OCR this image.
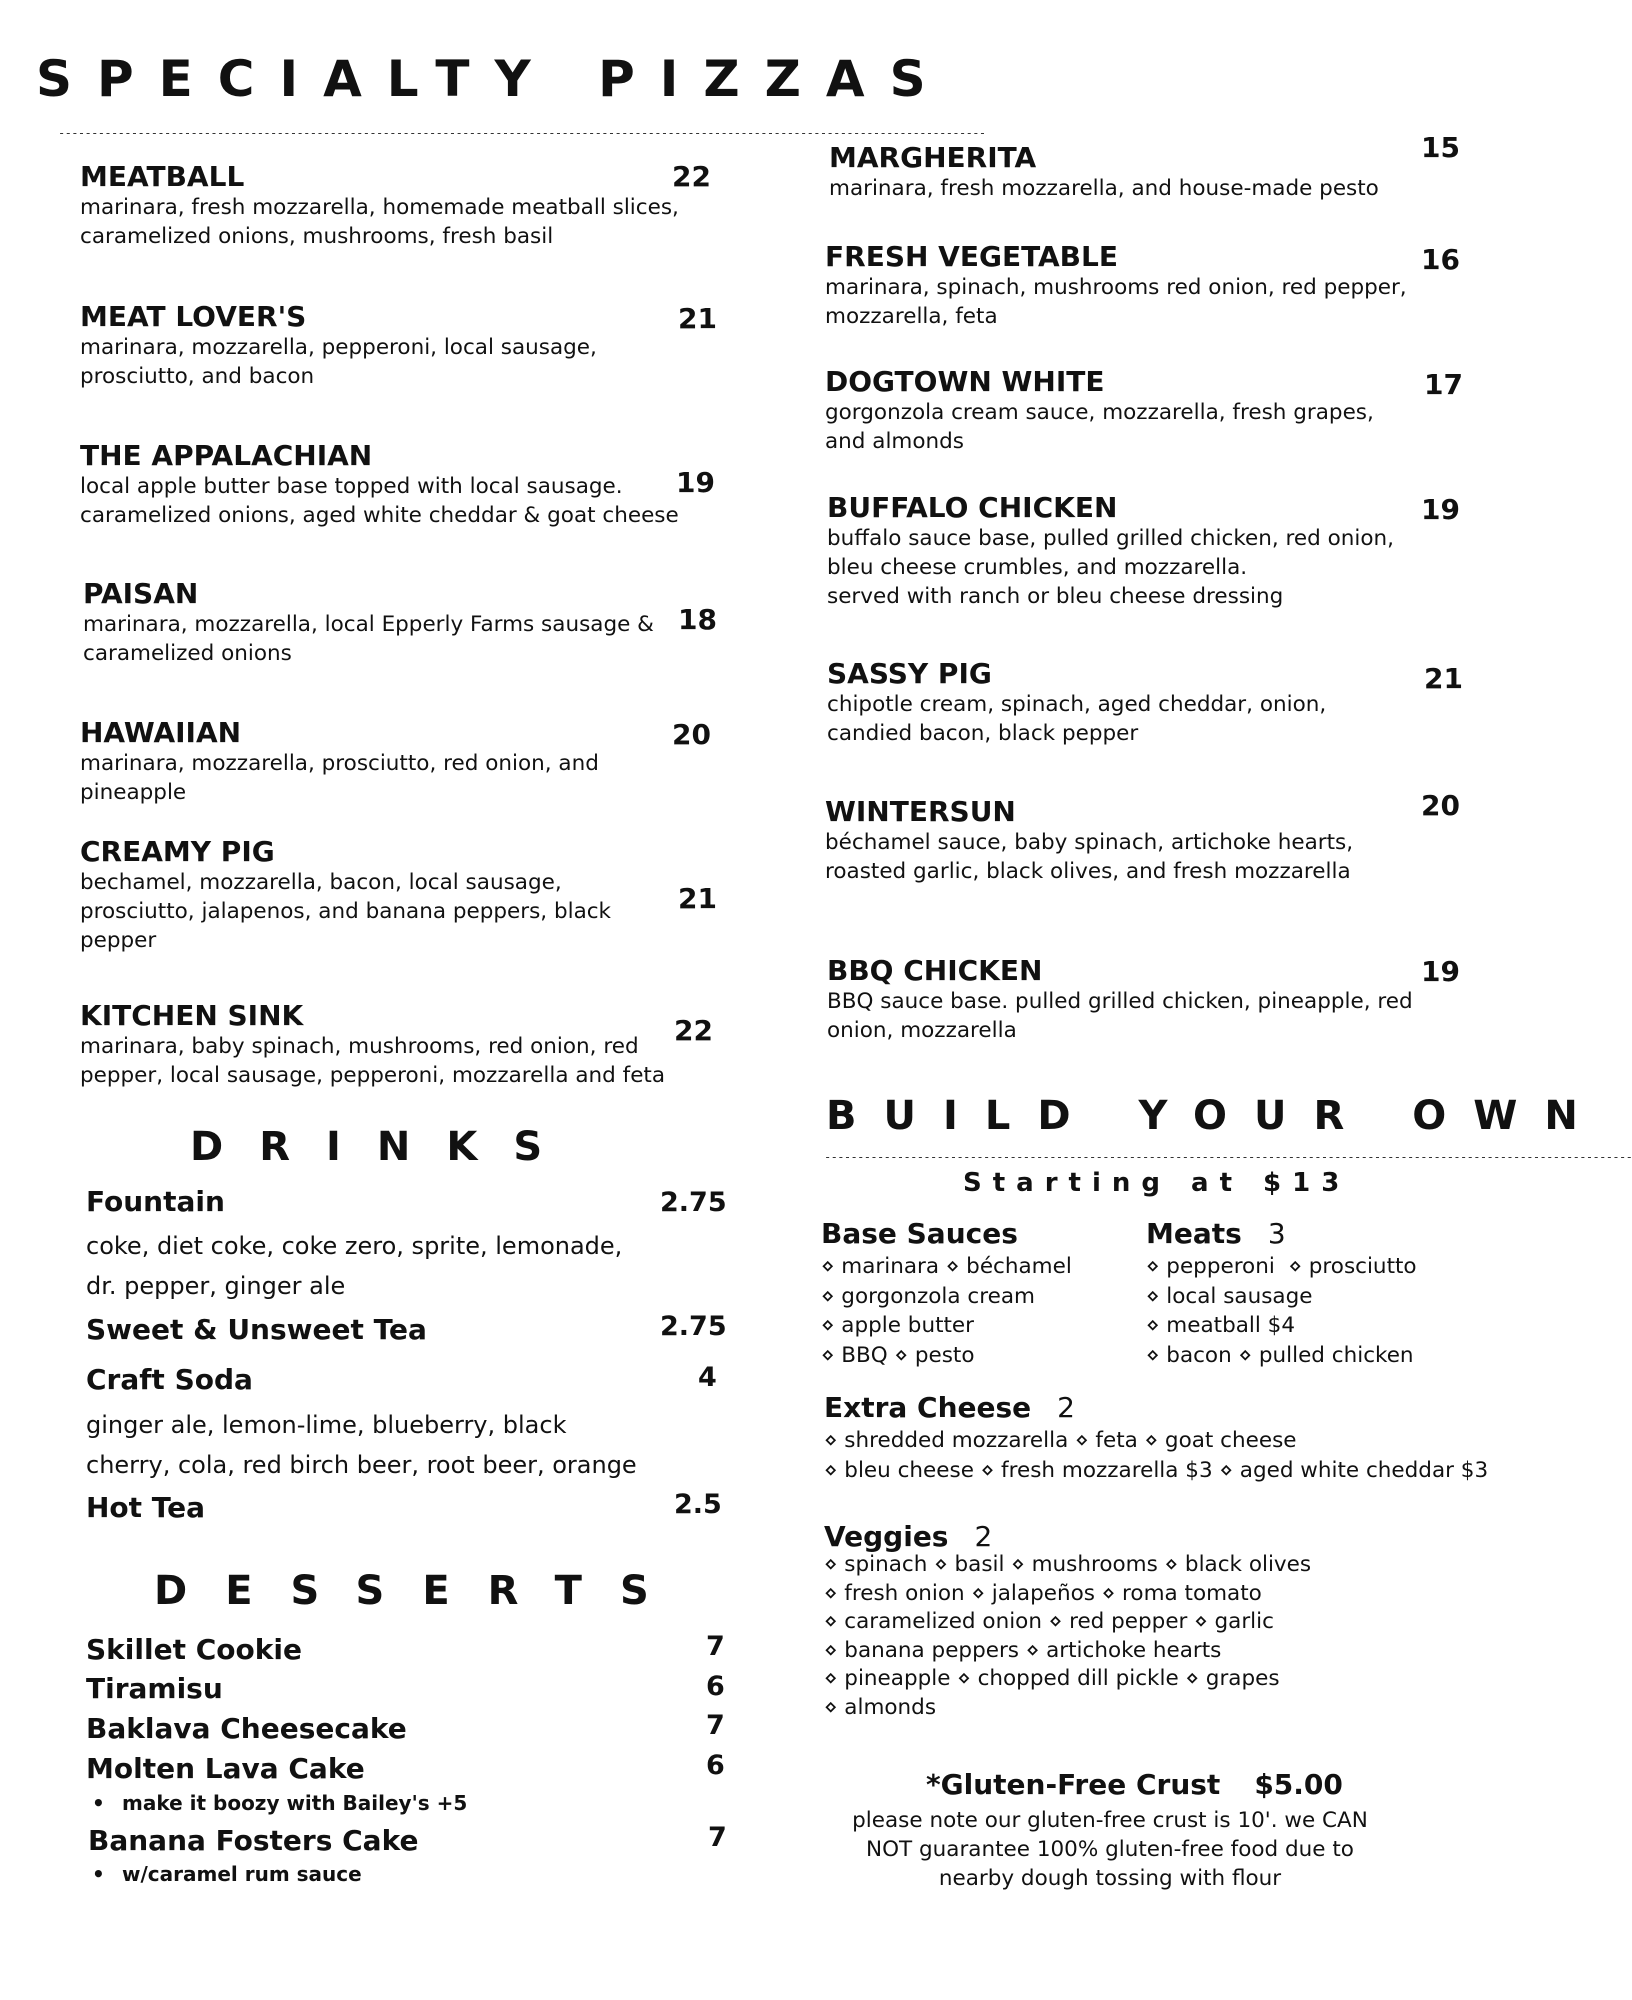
SPECIALTY PIZZAS
--------------------------------------------------------------------------------------------------------------------------------------------
MEATBALL
marinara, fresh mozzarella, homemade meatball slices, caramelized onions, mushrooms, fresh basil
22
MEAT LOVER'S
marinara, mozzarella, pepperoni, local sausage, prosciutto, and bacon
21
THE APPALACHIAN
local apple butter base topped with local sausage. caramelized onions, aged white cheddar & goat cheese
19
PAISAN
marinara, mozzarella, local Epperly Farms sausage & caramelized onions
18
HAWAIIAN
marinara, mozzarella, prosciutto, red onion, and pineapple
20
CREAMY PIG
bechamel, mozzarella, bacon, local sausage, prosciutto, jalapenos, and banana peppers, black pepper
21
KITCHEN SINK
marinara, baby spinach, mushrooms, red onion, red pepper, local sausage, pepperoni, mozzarella and feta
22
MARGHERITA
marinara, fresh mozzarella, and house-made pesto
15
FRESH VEGETABLE
marinara, spinach, mushrooms red onion, red pepper, mozzarella, feta
16
DOGTOWN WHITE
gorgonzola cream sauce, mozzarella, fresh grapes, and almonds
17
BUFFALO CHICKEN
buffalo sauce base, pulled grilled chicken, red onion, bleu cheese crumbles, and mozzarella.
served with ranch or bleu cheese dressing
19
SASSY PIG
chipotle cream, spinach, aged cheddar, onion, candied bacon, black pepper
21
WINTERSUN
béchamel sauce, baby spinach, artichoke hearts, roasted garlic, black olives, and fresh mozzarella
20
BBQ CHICKEN
BBQ sauce base. pulled grilled chicken, pineapple, red onion, mozzarella
19
DRINKS
Fountain	2.75
coke, diet coke, coke zero, sprite, lemonade, dr. pepper, ginger ale
Sweet & Unsweet Tea	2.75
Craft Soda	4
ginger ale, lemon-lime, blueberry, black cherry, cola, red birch beer, root beer, orange
Hot Tea	2.5
DESSERTS
Skillet Cookie	7
Tiramisu	6
Baklava Cheesecake	7
Molten Lava Cake	6
• make it boozy with Bailey's +5
Banana Fosters Cake	7
• w/caramel rum sauce
BUILD YOUR OWN
--------------------------------------------------------------------------------------------------------------------------
Starting at $13
Base Sauces
⋄ marinara ⋄ béchamel
⋄ gorgonzola cream
⋄ apple butter
⋄ BBQ ⋄ pesto
Meats 3
⋄ pepperoni  ⋄ prosciutto
⋄ local sausage
⋄ meatball $4
⋄ bacon ⋄ pulled chicken
Extra Cheese 2
⋄ shredded mozzarella ⋄ feta ⋄ goat cheese
⋄ bleu cheese ⋄ fresh mozzarella $3 ⋄ aged white cheddar $3
Veggies 2
⋄ spinach ⋄ basil ⋄ mushrooms ⋄ black olives
⋄ fresh onion ⋄ jalapeños ⋄ roma tomato
⋄ caramelized onion ⋄ red pepper ⋄ garlic
⋄ banana peppers ⋄ artichoke hearts
⋄ pineapple ⋄ chopped dill pickle ⋄ grapes
⋄ almonds
*Gluten-Free Crust $5.00
please note our gluten-free crust is 10'. we CAN NOT guarantee 100% gluten-free food due to nearby dough tossing with flour
